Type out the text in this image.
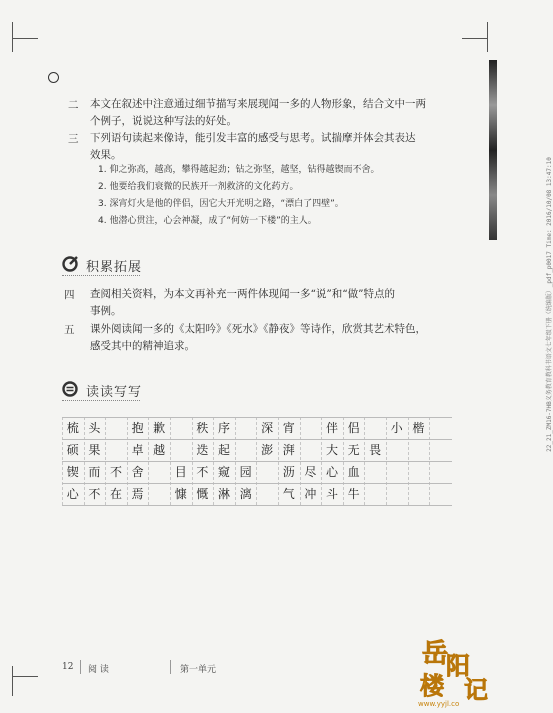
二 本文在叙述中注意通过细节描写来展现闻一多的人物形象，结合文中一两
个例子，说说这种写法的好处。
三 下列语句读起来像诗，能引发丰富的感受与思考。试揣摩并体会其表达
效果。
1. 仰之弥高，越高，攀得越起劲；钻之弥坚，越坚，钻得越锲而不舍。
2. 他要给我们衰微的民族开一剂救济的文化药方。
3. 深宵灯火是他的伴侣，因它大开光明之路，“漂白了四壁”。
4. 他潜心贯注，心会神凝，成了“何妨一下楼”的主人。
积累拓展
四 查阅相关资料，为本文再补充一两件体现闻一多“说”和“做”特点的
事例。
五 课外阅读闻一多的《太阳吟》《死水》《静夜》等诗作，欣赏其艺术特色，
感受其中的精神追求。
读读写写
梳 头	抱 歉	秩 序	深 宵	伴 侣	小 楷
硕 果	卓 越	迭 起	澎 湃	大 无 畏
锲 而 不 舍	目 不 窥 园	沥 尽 心 血
心 不 在 焉	慷 慨 淋 漓	气 冲 斗 牛
12 阅 读	第一单元
22_21_ZM16-7HB义务教育教科书语文七年级下册（统编版）_pdf_p0017 Time: 2016/10/08 13:47:10
岳
阳
楼 记
www.yyjl.co
